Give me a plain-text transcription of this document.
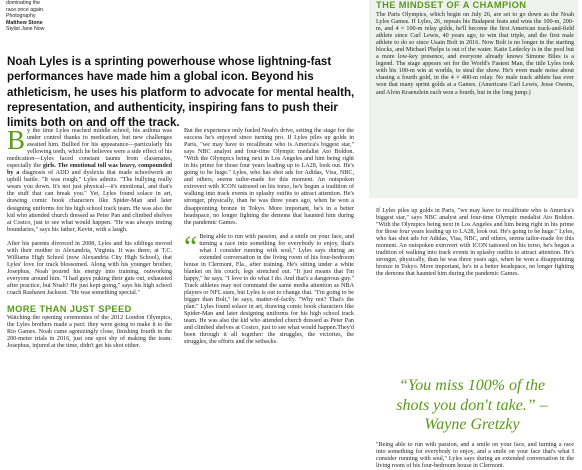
dominating the
race once again.
Photography
Matthew Stone
Stylist Jane Now
THE MINDSET OF A CHAMPION
The Paris Olympics, which begin on July 26, are set to go down as the Noah Lyles Games. If Lyles, 26, repeats his Budapest feats and wins the 100-m, 200-m, and 4 × 100-m relay golds, he'll become the first American track-and-field athlete since Carl Lewis, 40 years ago, to win that triple, and the first male athlete to do so since Usain Bolt in 2016. Now Bolt is no longer in the starting blocks, and Michael Phelps is out of the water. Katie Ledecky is in the pool but a more low-key presence, and everyone already knows Simone Biles is a legend. The stage appears set for the World's Fastest Man, the title Lyles took with his 100-m win at worlds, to steal the show. He's even made noise about chasing a fourth gold, in the 4 × 400-m relay. No male track athlete has ever won that many sprint golds at a Games. (Americans Carl Lewis, Jesse Owens, and Alvin Kraenzlein each won a fourth, but in the long jump.)
Noah Lyles is a sprinting powerhouse whose lightning-fast performances have made him a global icon. Beyond his athleticism, he uses his platform to advocate for mental health, representation, and authenticity, inspiring fans to push their limits both on and off the track.

By the time Lyles reached middle school, his asthma was under control thanks to medication, but new challenges awaited him. Bullied for his appearance—particularly his yellowing teeth, which he believes were a side effect of his medication—Lyles faced constant taunts from classmates, especially the girls. The emotional toll was heavy, compounded by a diagnosis of ADD and dyslexia that made schoolwork an uphill battle. "It was rough," Lyles admits. "The bullying really wears you down. It's not just physical—it's emotional, and that's the stuff that can break you." Yet, Lyles found solace in art, drawing comic book characters like Spider-Man and later designing uniforms for his high school track team. He was also the kid who attended church dressed as Peter Pan and climbed shelves at Costco, just to see what would happen. "He was always testing boundaries," says his father, Kevin, with a laugh.

After his parents divorced in 2008, Lyles and his siblings moved with their mother to Alexandria, Virginia. It was there, at T.C. Williams High School (now Alexandria City High School), that Lyles' love for track blossomed. Along with his younger brother, Josephus, Noah poured his energy into training, outworking everyone around him. "I had guys puking their guts out, exhausted after practice, but Noah? He just kept going," says his high school coach Rashawn Jackson. "He was something special."

MORE THAN JUST SPEED

Watching the opening ceremonies of the 2012 London Olympics, the Lyles brothers made a pact: they were going to make it to the Rio Games. Noah came agonizingly close, finishing fourth in the 200-meter trials in 2016, just one spot shy of making the team. Josephus, injured at the time, didn't get his shot either.

But the experience only fueled Noah's drive, setting the stage for the success he's enjoyed since turning pro. If Lyles piles up golds in Paris, "we may have to recalibrate who is America's biggest star," says NBC analyst and four-time Olympic medalist Ato Boldon. "With the Olympics being next in Los Angeles and him being right in his prime for those four years leading up to LA28, look out. He's going to be huge." Lyles, who has shot ads for Adidas, Visa, NBC, and others, seems tailor-made for this moment. An outspoken extrovert with ICON tattooed on his torso, he's begun a tradition of walking into track events in splashy outfits to attract attention. He's stronger, physically, than he was three years ago, when he won a disappointing bronze in Tokyo. More important, he's in a better headspace, no longer fighting the demons that haunted him during the pandemic Games.

“ Being able to run with passion, and a smile on your face, and turning a race into something for everybody to enjoy, that's what I consider running with soul," Lyles says during an extended conversation in the living room of his four-bedroom house in Clermont, Fla., after training. He's sitting under a white blanket on his couch, legs stretched out. "It just means that I'm happy," he says. "I love to do what I do. And that's a dangerous guy." Track athletes may not command the same media attention as NBA players or NFL stars, but Lyles is out to change that. "I'm going to be bigger than Bolt," he says, matter-of-factly. "Why not? That's the plan." Lyles found solace in art, drawing comic book characters like Spider-Man and later designing uniforms for his high school track team. He was also the kid who attended church dressed as Peter Pan and climbed shelves at Costco, just to see what would happen.They'd been through it all together: the struggles, the victories, the struggles, the efforts and the setbacks.

If Lyles piles up golds in Paris, "we may have to recalibrate who is America's biggest star," says NBC analyst and four-time Olympic medalist Ato Boldon. "With the Olympics being next in Los Angeles and him being right in his prime for those four years leading up to LA28, look out. He's going to be huge." Lyles, who has shot ads for Adidas, Visa, NBC, and others, seems tailor-made for this moment. An outspoken extrovert with ICON tattooed on his torso, he's begun a tradition of walking into track events in splashy outfits to attract attention. He's stronger, physically, than he was three years ago, when he won a disappointing bronze in Tokyo. More important, he's in a better headspace, no longer fighting the demons that haunted him during the pandemic Games.

“You miss 100% of the
shots you don't take.” –
Wayne Gretzky
"Being able to run with passion, and a smile on your face, and turning a race into something for everybody to enjoy, and a smile on your face that's what I consider running with soul," Lyles says during an extended conversation in the living room of his four-bedroom house in Clermont.
